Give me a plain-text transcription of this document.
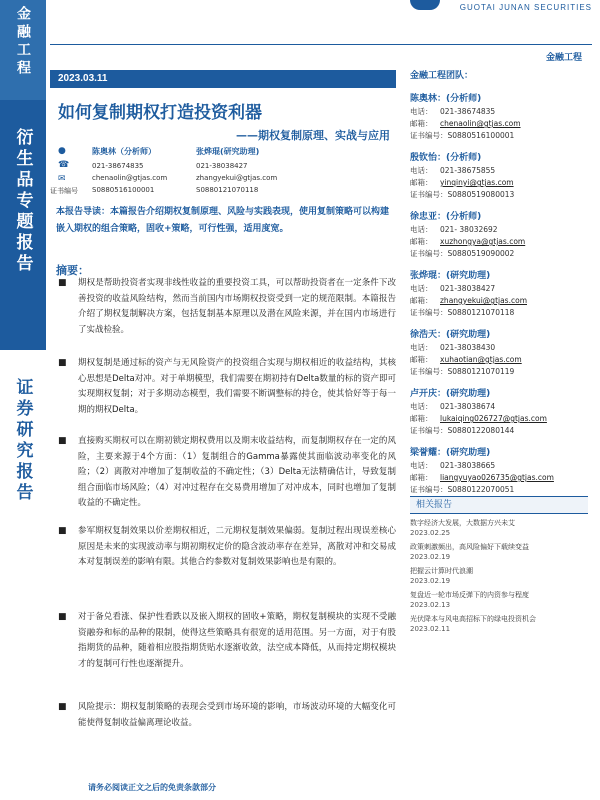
金融工程
衍生品专题报告
证券研究报告
GUOTAI JUNAN SECURITIES
金融工程
2023.03.11
如何复制期权打造投资利器
——期权复制原理、实战与应用
●
☎
✉
证书编号
陈奥林（分析师）
021-38674835
chenaolin@gtjas.com
S0880516100001
张烨琨(研究助理)
021-38038427
zhangyekui@gtjas.com
S0880121070118
本报告导读：本篇报告介绍期权复制原理、风险与实践表现，使用复制策略可以构建嵌入期权的组合策略，固收+策略，可行性强，适用度宽。
摘要：
■ 期权是帮助投资者实现非线性收益的重要投资工具，可以帮助投资者在一定条件下改善投资的收益风险结构，然而当前国内市场期权投资受到一定的规范限制。本篇报告介绍了期权复制解决方案，包括复制基本原理以及潜在风险来源，并在国内市场进行了实战检验。
■ 期权复制是通过标的资产与无风险资产的投资组合实现与期权相近的收益结构，其核心思想是Delta对冲。对于单期模型，我们需要在期初持有Delta数量的标的资产即可实现期权复制；对于多期动态模型，我们需要不断调整标的持仓，使其恰好等于每一期的期权Delta。
■ 直接购买期权可以在期初锁定期权费用以及期末收益结构，而复制期权存在一定的风险，主要来源于4个方面：（1）复制组合的Gamma暴露使其面临波动率变化的风险；（2）离散对冲增加了复制收益的不确定性；（3）Delta无法精确估计，导致复制组合面临市场风险；（4）对冲过程存在交易费用增加了对冲成本，同时也增加了复制收益的不确定性。
■ 参军期权复制效果以价差期权相近，二元期权复制效果偏弱。复制过程出现误差核心原因是未来的实现波动率与期初期权定价的隐含波动率存在差异，离散对冲和交易成本对复制误差的影响有限。其他合约参数对复制效果影响也是有限的。
■ 对于备兑看涨、保护性看跌以及嵌入期权的固收+策略，期权复制模块的实现不受融资融券和标的品种的限制，使得这些策略具有很宽的适用范围。另一方面，对于有股指期货的品种，随着相应股指期货贴水逐渐收敛，法空成本降低，从而持定期权模块才的复制可行性也逐渐提升。
■ 风险提示：期权复制策略的表现会受到市场环境的影响，市场波动环境的大幅变化可能使得复制收益偏离理论收益。
金融工程团队：
陈奥林：(分析师)
电话： 021-38674835
邮箱： chenaolin@gtjas.com
证书编号：S0880516100001
殷钦怡：(分析师)
电话： 021-38675855
邮箱： yinqinyi@gtjas.com
证书编号：S0880519080013
徐忠亚：(分析师)
电话： 021- 38032692
邮箱： xuzhongya@gtjas.com
证书编号：S0880519090002
张烨琨：(研究助理)
电话： 021-38038427
邮箱： zhangyekui@gtjas.com
证书编号：S0880121070118
徐浩天：(研究助理)
电话： 021-38038430
邮箱： xuhaotian@gtjas.com
证书编号：S0880121070119
卢开庆：(研究助理)
电话： 021-38038674
邮箱： lukaiqing026727@gtjas.com
证书编号：S0880122080144
梁誉耀：(研究助理)
电话： 021-38038665
邮箱： liangyuyao026735@gtjas.com
证书编号：S0880122070051
相关报告
数字经济大发展，大数据方兴未艾
2023.02.25
政策刺激频出，高风险偏好下载续变益
2023.02.19
把握云计算时代浪潮
2023.02.19
复盘近一轮市场反弹下的内资参与程度
2023.02.13
光伏降本与风电高招标下的绿电投资机会
2023.02.11
请务必阅读正文之后的免责条款部分
